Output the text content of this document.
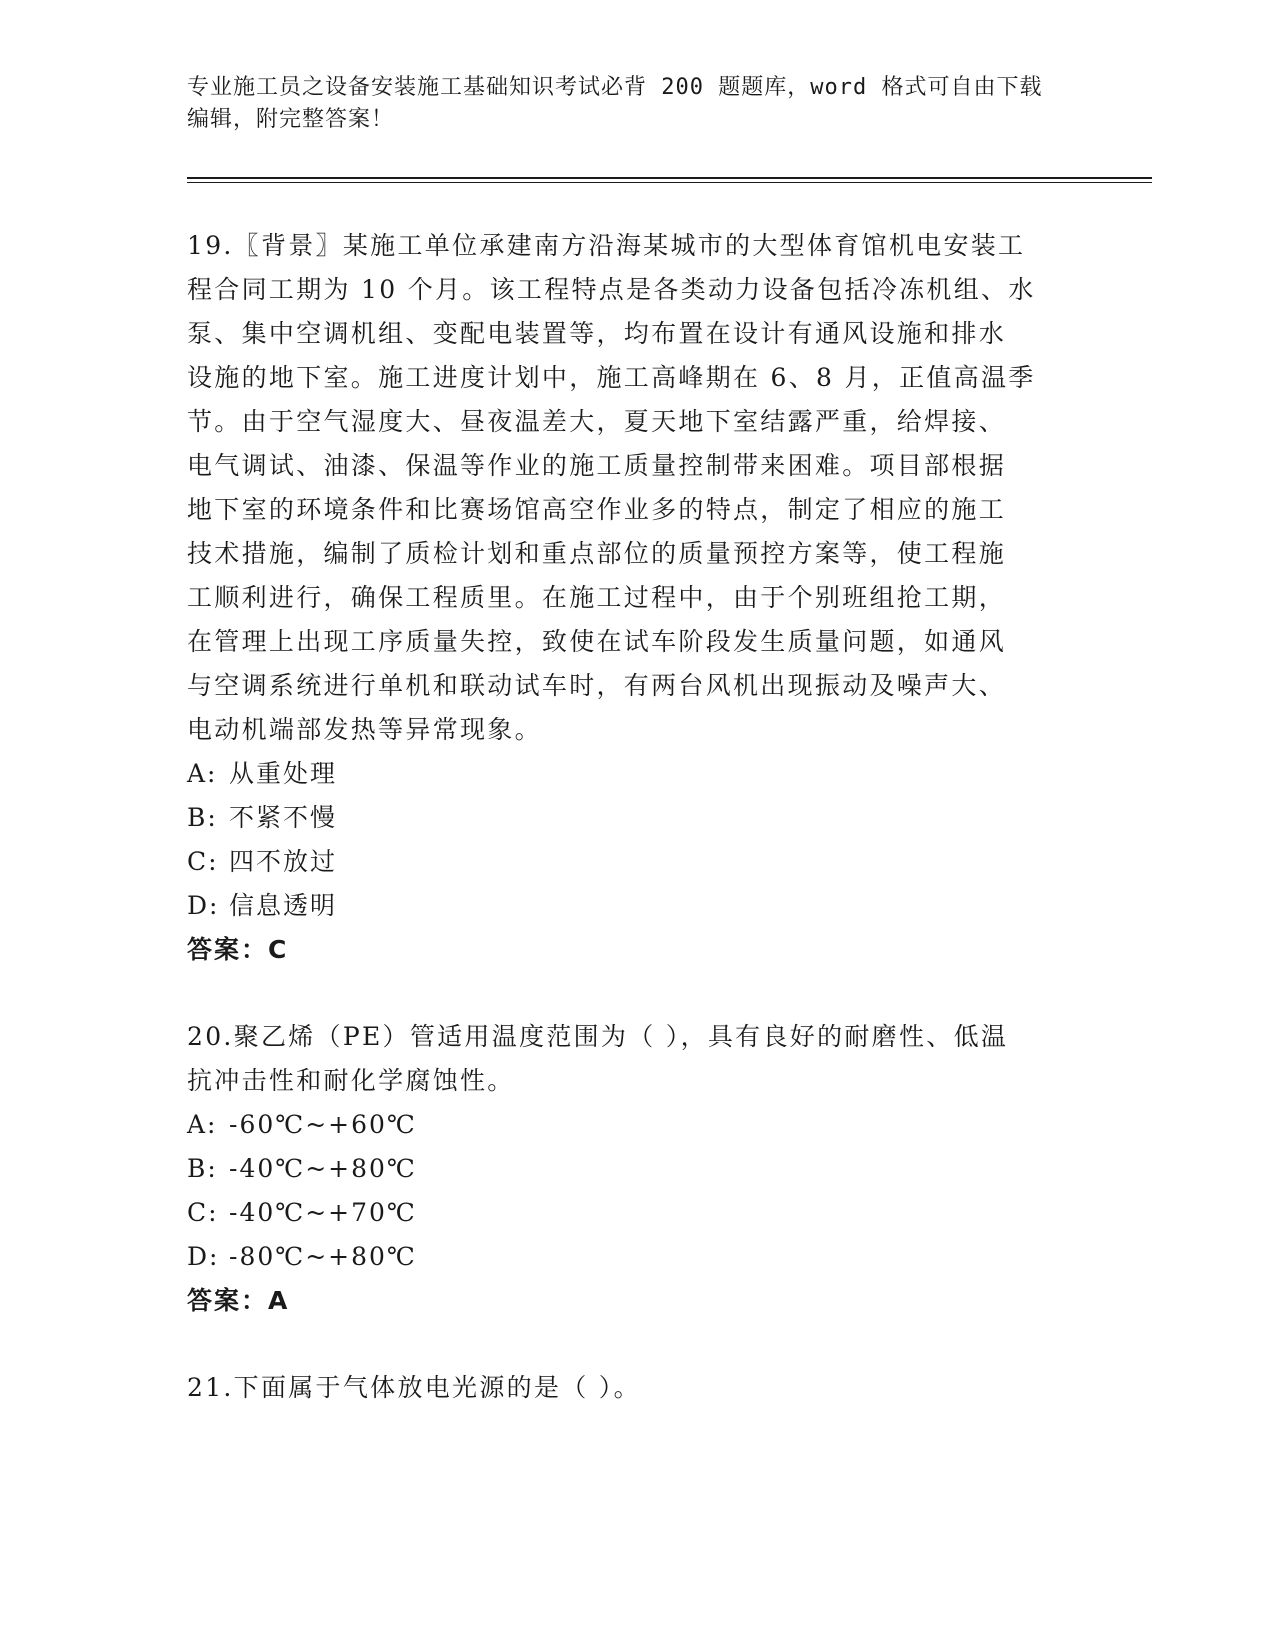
专业施工员之设备安装施工基础知识考试必背 200 题题库，word 格式可自由下载
编辑，附完整答案！
19.〖背景〗某施工单位承建南方沿海某城市的大型体育馆机电安装工
程合同工期为 10 个月。该工程特点是各类动力设备包括冷冻机组、水
泵、集中空调机组、变配电装置等，均布置在设计有通风设施和排水
设施的地下室。施工进度计划中，施工高峰期在 6、8 月，正值高温季
节。由于空气湿度大、昼夜温差大，夏天地下室结露严重，给焊接、
电气调试、油漆、保温等作业的施工质量控制带来困难。项目部根据
地下室的环境条件和比赛场馆高空作业多的特点，制定了相应的施工
技术措施，编制了质检计划和重点部位的质量预控方案等，使工程施
工顺利进行，确保工程质里。在施工过程中，由于个别班组抢工期，
在管理上出现工序质量失控，致使在试车阶段发生质量问题，如通风
与空调系统进行单机和联动试车时，有两台风机出现振动及噪声大、
电动机端部发热等异常现象。
A: 从重处理
B: 不紧不慢
C: 四不放过
D: 信息透明
答案：C
20.聚乙烯（PE）管适用温度范围为（ ），具有良好的耐磨性、低温
抗冲击性和耐化学腐蚀性。
A: -60℃~+60℃
B: -40℃~+80℃
C: -40℃~+70℃
D: -80℃~+80℃
答案：A
21.下面属于气体放电光源的是（ ）。
